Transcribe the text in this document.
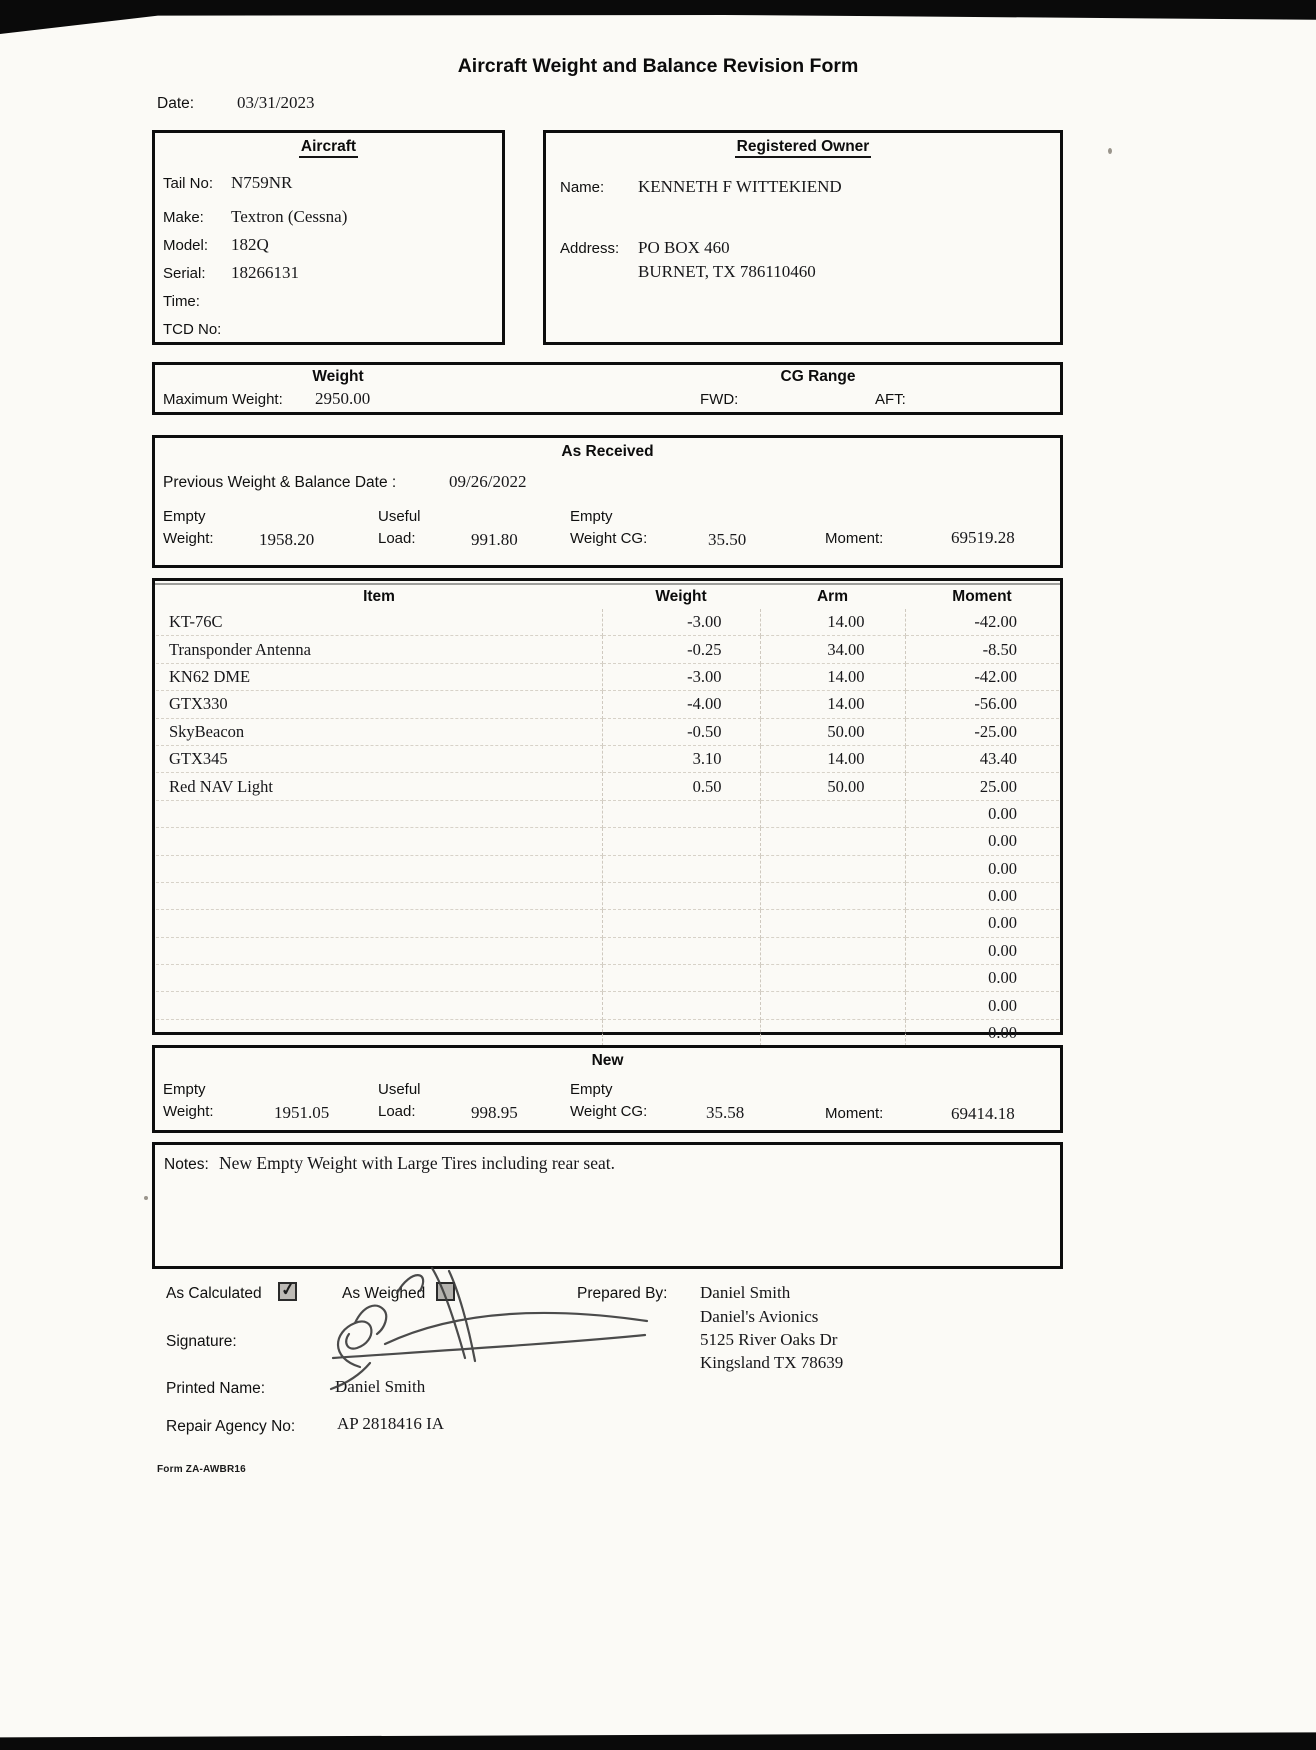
Aircraft Weight and Balance Revision Form
Date:	03/31/2023
Aircraft
Tail No: N759NR
Make: Textron (Cessna)
Model: 182Q
Serial: 18266131
Time:
TCD No:
Registered Owner
Name: KENNETH F WITTEKIEND
Address: PO BOX 460
BURNET, TX 786110460
Weight	CG Range
Maximum Weight: 2950.00	FWD:	AFT:
As Received
Previous Weight & Balance Date :	09/26/2022
Empty
Weight:	1958.20
Useful
Load:	991.80
Empty
Weight CG:	35.50	Moment:	69519.28
Item	Weight	Arm	Moment
KT-76C	-3.00	14.00	-42.00
Transponder Antenna	-0.25	34.00	-8.50
KN62 DME	-3.00	14.00	-42.00
GTX330	-4.00	14.00	-56.00
SkyBeacon	-0.50	50.00	-25.00
GTX345	3.10	14.00	43.40
Red NAV Light	0.50	50.00	25.00
			0.00
			0.00
			0.00
			0.00
			0.00
			0.00
			0.00
			0.00
			0.00
New
Empty
Weight:	1951.05
Useful
Load:	998.95
Empty
Weight CG:	35.58	Moment:	69414.18
Notes: New Empty Weight with Large Tires including rear seat.
As Calculated ✓	As Weighed	Prepared By: Daniel Smith
Daniel's Avionics
5125 River Oaks Dr
Kingsland TX 78639
Signature:
Printed Name:	Daniel Smith
Repair Agency No: AP 2818416 IA
Form ZA-AWBR16
